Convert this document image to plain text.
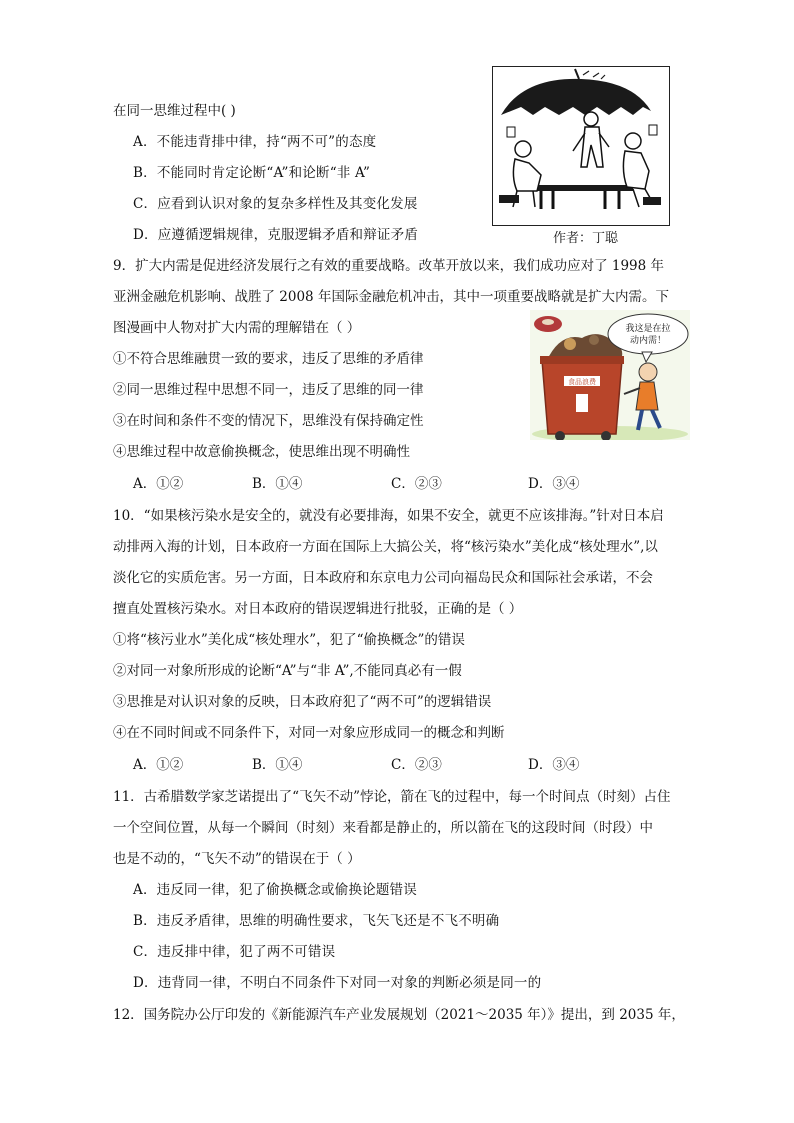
在同一思维过程中( )
A．不能违背排中律，持“两不可”的态度
B．不能同时肯定论断“A”和论断“非 A”
C．应看到认识对象的复杂多样性及其变化发展
D．应遵循逻辑规律，克服逻辑矛盾和辩证矛盾	作者：丁聪
9．扩大内需是促进经济发展行之有效的重要战略。改革开放以来，我们成功应对了 1998 年
亚洲金融危机影响、战胜了 2008 年国际金融危机冲击，其中一项重要战略就是扩大内需。下
图漫画中人物对扩大内需的理解错在（ ）
①不符合思维融贯一致的要求，违反了思维的矛盾律
②同一思维过程中思想不同一，违反了思维的同一律
③在时间和条件不变的情况下，思维没有保持确定性
④思维过程中故意偷换概念，使思维出现不明确性
A．①②	B．①④	C．②③	D．③④
食品浪费
我这是在拉
动内需！
10．“如果核污染水是安全的，就没有必要排海，如果不安全，就更不应该排海。”针对日本启
动排两入海的计划，日本政府一方面在国际上大搞公关，将“核污染水”美化成“核处理水”,以
淡化它的实质危害。另一方面，日本政府和东京电力公司向福岛民众和国际社会承诺，不会
擅直处置核污染水。对日本政府的错误逻辑进行批驳，正确的是（ ）
①将“核污业水”美化成“核处理水”，犯了“偷换概念”的错误
②对同一对象所形成的论断“A”与“非 A”,不能同真必有一假
③思推是对认识对象的反映，日本政府犯了“两不可”的逻辑错误
④在不同时间或不同条件下，对同一对象应形成同一的概念和判断
A．①②	B．①④	C．②③	D．③④
11．古希腊数学家芝诺提出了“飞矢不动”悖论，箭在飞的过程中，每一个时间点（时刻）占住
一个空间位置，从每一个瞬间（时刻）来看都是静止的，所以箭在飞的这段时间（时段）中
也是不动的，“飞矢不动”的错误在于（ ）
A．违反同一律，犯了偷换概念或偷换论题错误
B．违反矛盾律，思维的明确性要求，飞矢飞还是不飞不明确
C．违反排中律，犯了两不可错误
D．违背同一律，不明白不同条件下对同一对象的判断必须是同一的
12．国务院办公厅印发的《新能源汽车产业发展规划（2021～2035 年）》提出，到 2035 年，
